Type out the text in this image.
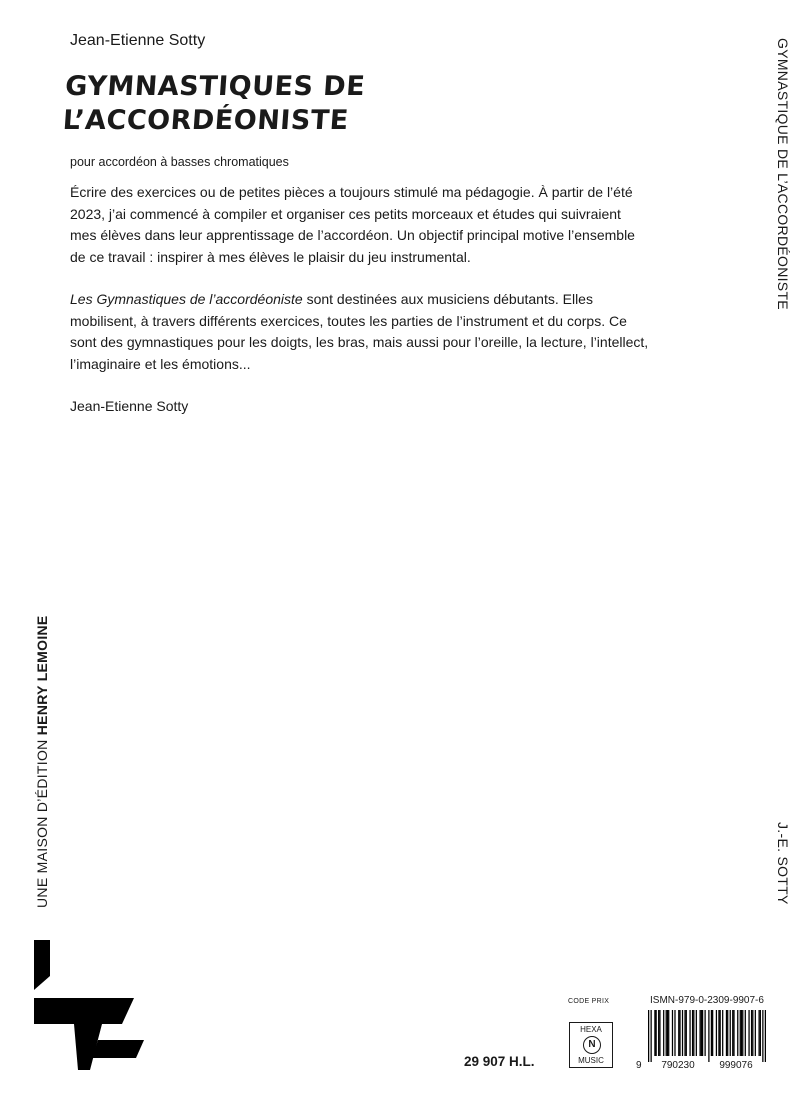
Jean-Etienne Sotty
GYMNASTIQUES DE
L’ACCORDÉONISTE
pour accordéon à basses chromatiques

Écrire des exercices ou de petites pièces a toujours stimulé ma pédagogie. À partir de l’été 2023, j’ai commencé à compiler et organiser ces petits morceaux et études qui suivraient mes élèves dans leur apprentissage de l’accordéon. Un objectif principal motive l’ensemble de ce travail : inspirer à mes élèves le plaisir du jeu instrumental.

Les Gymnastiques de l’accordéoniste sont destinées aux musiciens débutants. Elles mobilisent, à travers différents exercices, toutes les parties de l’instrument et du corps. Ce sont des gymnastiques pour les doigts, les bras, mais aussi pour l’oreille, la lecture, l’intellect, l’imaginaire et les émotions...

Jean-Etienne Sotty

GYMNASTIQUE DE L’ACCORDÉONISTE
J.-E. SOTTY
UNE MAISON D’ÉDITION HENRY LEMOINE
CODE PRIX
HEXA
N
MUSIC
29 907 H.L.
ISMN-979-0-2309-9907-6
9	790230	999076
